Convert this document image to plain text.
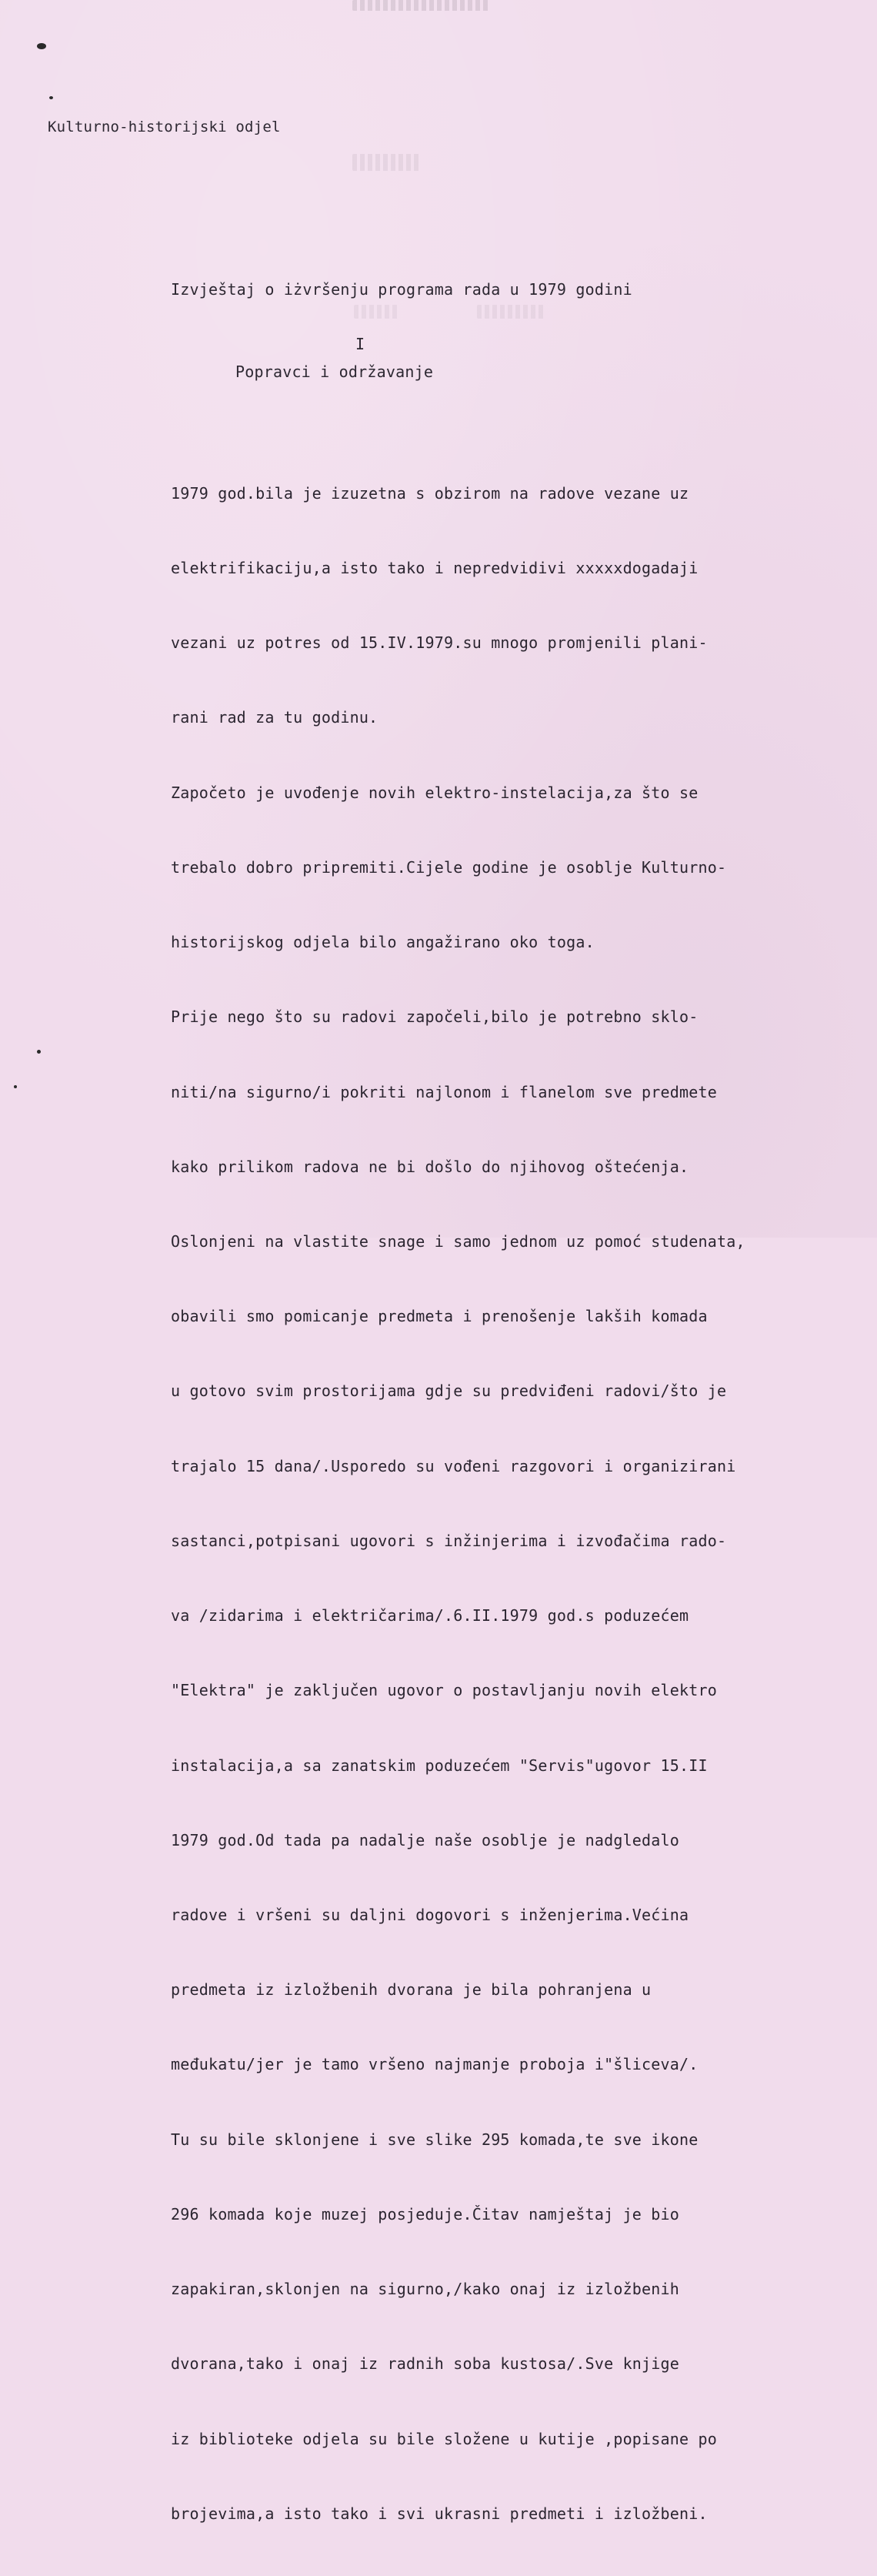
Kulturno-historijski odjel
Izvještaj o iżvršenju programa rada u 1979 godini
I
Popravci i održavanje

1979 god.bila je izuzetna s obzirom na radove vezane uz

elektrifikaciju,a isto tako i nepredvidivi xxxxxdogadaji

vezani uz potres od 15.IV.1979.su mnogo promjenili plani-

rani rad za tu godinu.

Započeto je uvođenje novih elektro-instelacija,za što se

trebalo dobro pripremiti.Cijele godine je osoblje Kulturno-

historijskog odjela bilo angažirano oko toga.

Prije nego što su radovi započeli,bilo je potrebno sklo-

niti/na sigurno/i pokriti najlonom i flanelom sve predmete

kako prilikom radova ne bi došlo do njihovog oštećenja.

Oslonjeni na vlastite snage i samo jednom uz pomoć studenata,

obavili smo pomicanje predmeta i prenošenje lakših komada

u gotovo svim prostorijama gdje su predviđeni radovi/što je

trajalo 15 dana/.Usporedo su vođeni razgovori i organizirani

sastanci,potpisani ugovori s inžinjerima i izvođačima rado-

va /zidarima i električarima/.6.II.1979 god.s poduzećem

"Elektra" je zaključen ugovor o postavljanju novih elektro

instalacija,a sa zanatskim poduzećem "Servis"ugovor 15.II

1979 god.Od tada pa nadalje naše osoblje je nadgledalo

radove i vršeni su daljni dogovori s inženjerima.Većina

predmeta iz izložbenih dvorana je bila pohranjena u

međukatu/jer je tamo vršeno najmanje proboja i"šliceva/.

Tu su bile sklonjene i sve slike 295 komada,te sve ikone

296 komada koje muzej posjeduje.Čitav namještaj je bio

zapakiran,sklonjen na sigurno,/kako onaj iz izložbenih

dvorana,tako i onaj iz radnih soba kustosa/.Sve knjige

iz biblioteke odjela su bile složene u kutije ,popisane po

brojevima,a isto tako i svi ukrasni predmeti i izložbeni.
